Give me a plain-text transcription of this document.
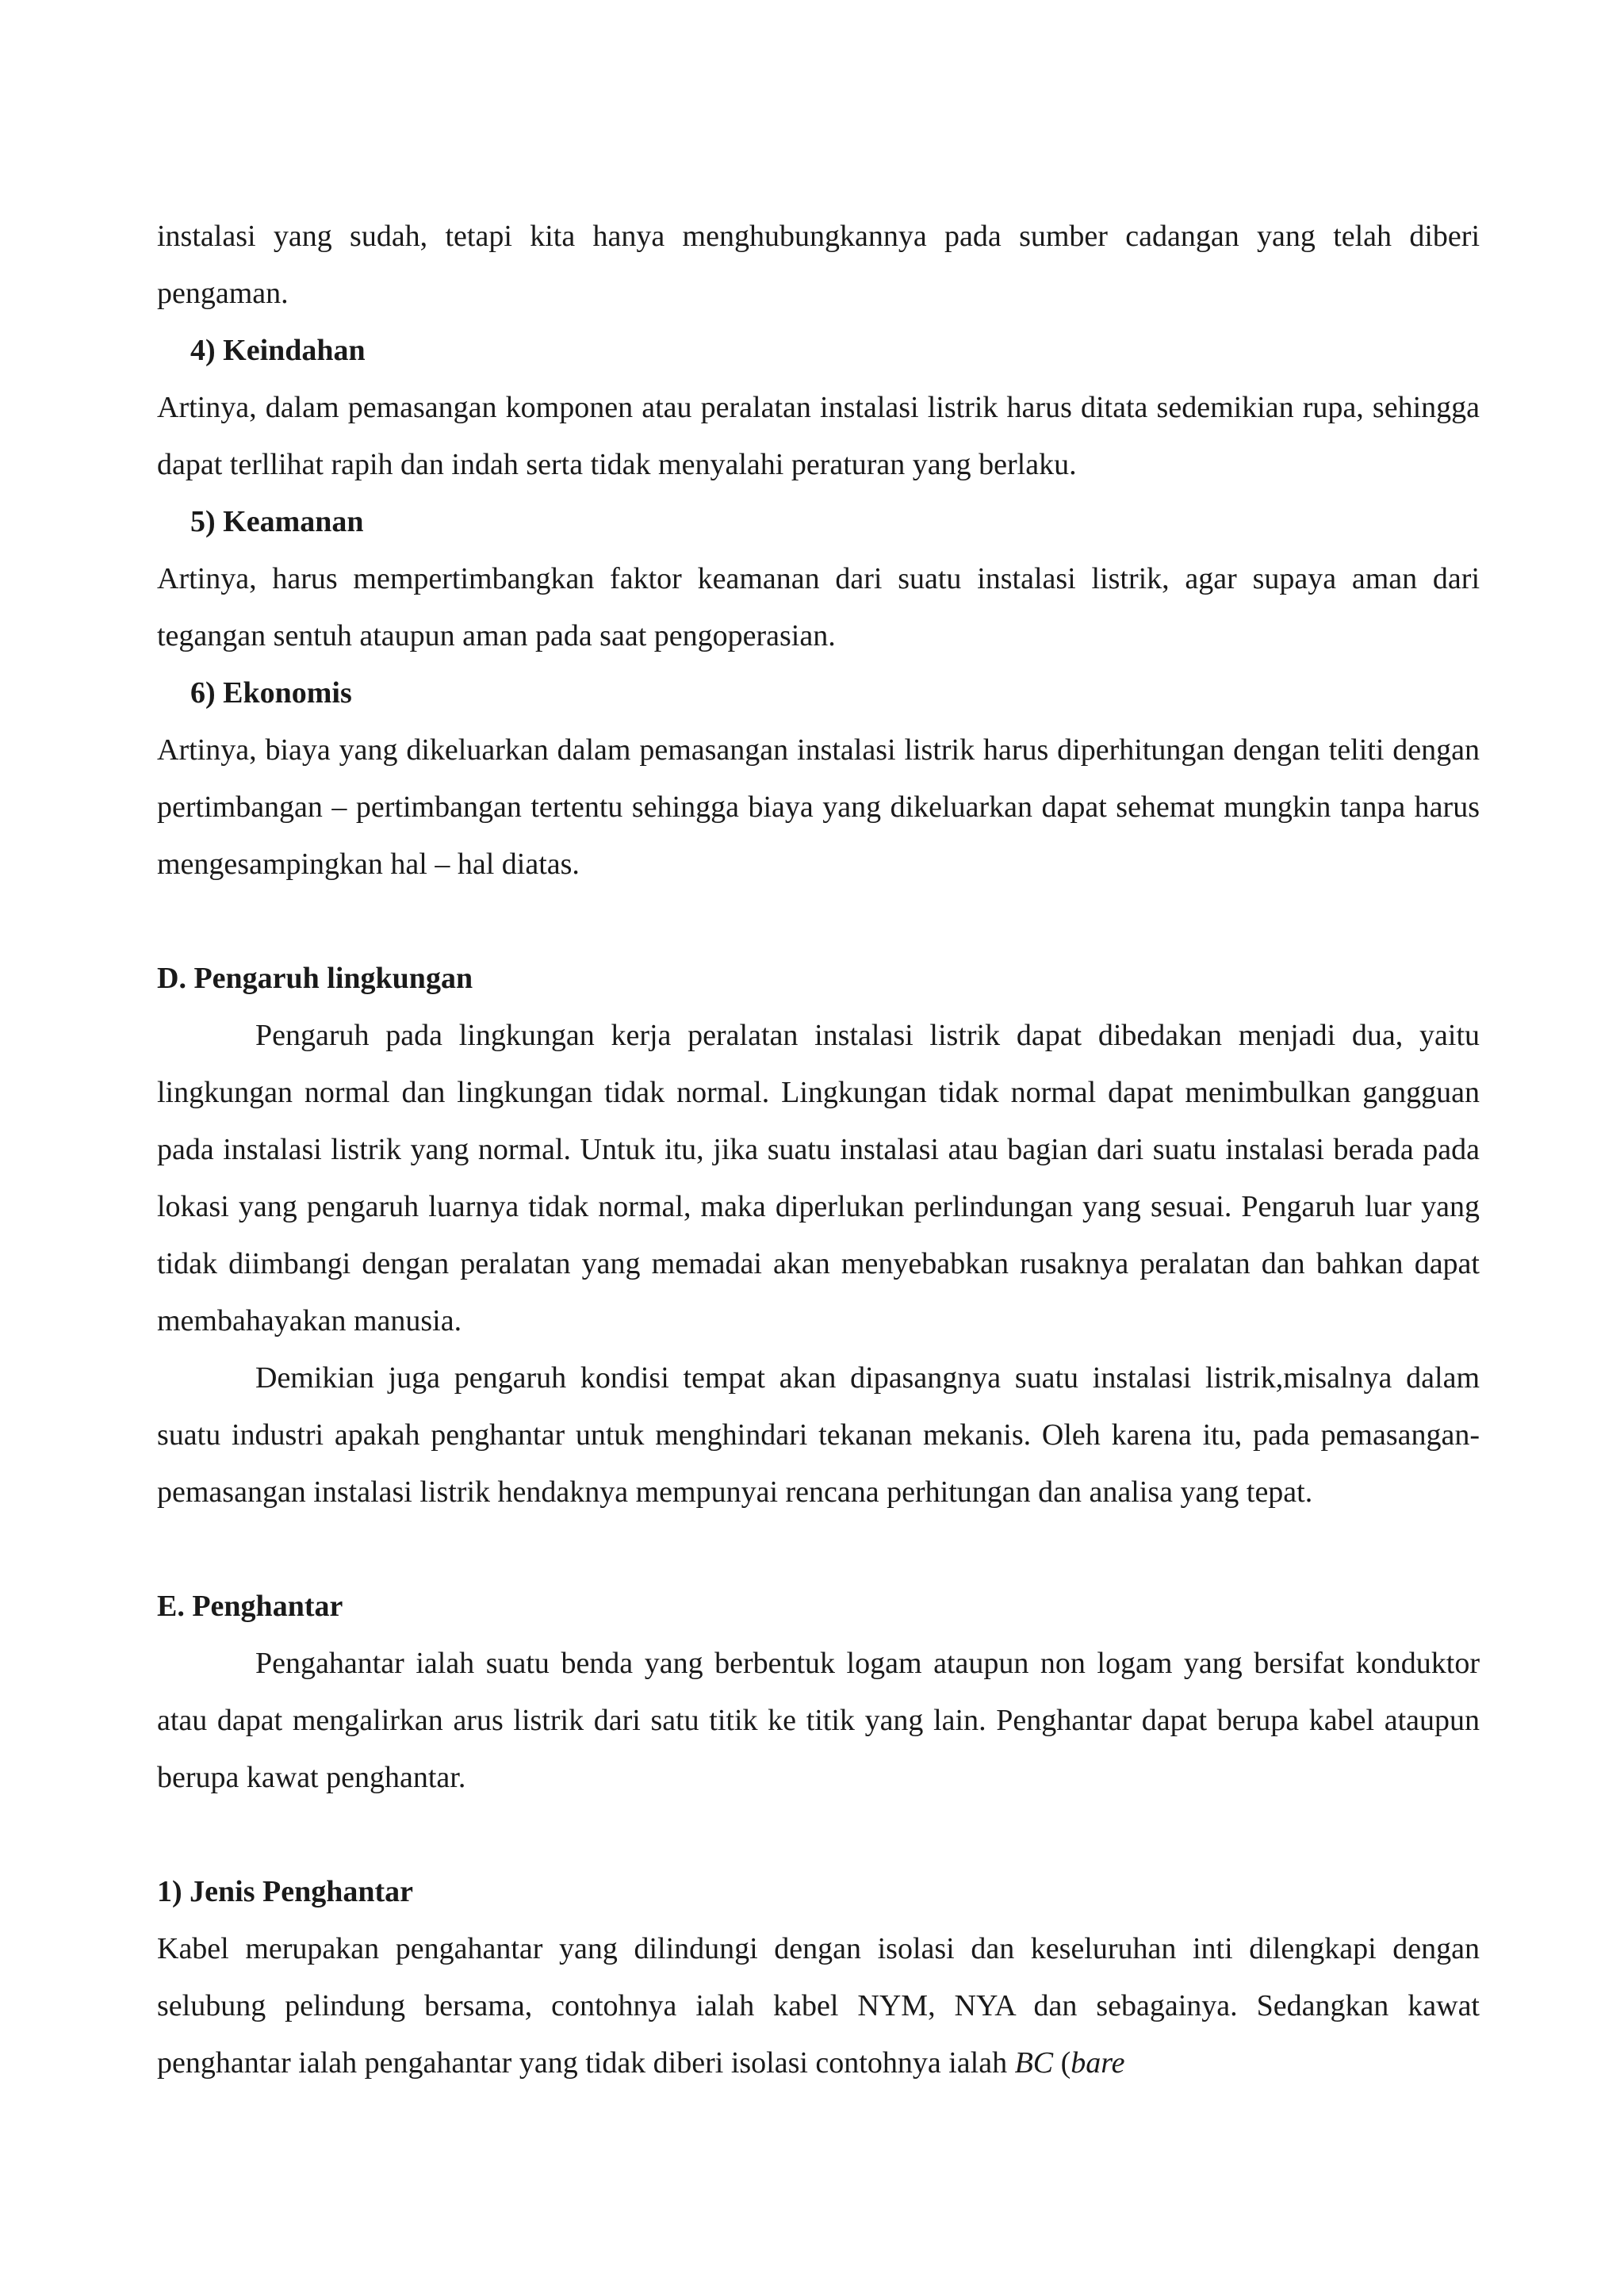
instalasi yang sudah, tetapi kita hanya menghubungkannya pada sumber cadangan yang telah diberi pengaman.

4) Keindahan

Artinya, dalam pemasangan komponen atau peralatan instalasi listrik harus ditata sedemikian rupa, sehingga dapat terllihat rapih dan indah serta tidak menyalahi peraturan yang berlaku.

5) Keamanan

Artinya, harus mempertimbangkan faktor keamanan dari suatu instalasi listrik, agar supaya aman dari tegangan sentuh ataupun aman pada saat pengoperasian.

6) Ekonomis

Artinya, biaya yang dikeluarkan dalam pemasangan instalasi listrik harus diperhitungan dengan teliti dengan pertimbangan – pertimbangan tertentu sehingga biaya yang dikeluarkan dapat sehemat mungkin tanpa harus mengesampingkan hal – hal diatas.

D. Pengaruh lingkungan

Pengaruh pada lingkungan kerja peralatan instalasi listrik dapat dibedakan menjadi dua, yaitu lingkungan normal dan lingkungan tidak normal. Lingkungan tidak normal dapat menimbulkan gangguan pada instalasi listrik yang normal. Untuk itu, jika suatu instalasi atau bagian dari suatu instalasi berada pada lokasi yang pengaruh luarnya tidak normal, maka diperlukan perlindungan yang sesuai. Pengaruh luar yang tidak diimbangi dengan peralatan yang memadai akan menyebabkan rusaknya peralatan dan bahkan dapat membahayakan manusia.

Demikian juga pengaruh kondisi tempat akan dipasangnya suatu instalasi listrik,misalnya dalam suatu industri apakah penghantar untuk menghindari tekanan mekanis. Oleh karena itu, pada pemasangan- pemasangan instalasi listrik hendaknya mempunyai rencana perhitungan dan analisa yang tepat.

E. Penghantar

Pengahantar ialah suatu benda yang berbentuk logam ataupun non logam yang bersifat konduktor atau dapat mengalirkan arus listrik dari satu titik ke titik yang lain. Penghantar dapat berupa kabel ataupun berupa kawat penghantar.

1) Jenis Penghantar

Kabel merupakan pengahantar yang dilindungi dengan isolasi dan keseluruhan inti dilengkapi dengan selubung pelindung bersama, contohnya ialah kabel NYM, NYA dan sebagainya. Sedangkan kawat penghantar ialah pengahantar yang tidak diberi isolasi contohnya ialah BC (bare
